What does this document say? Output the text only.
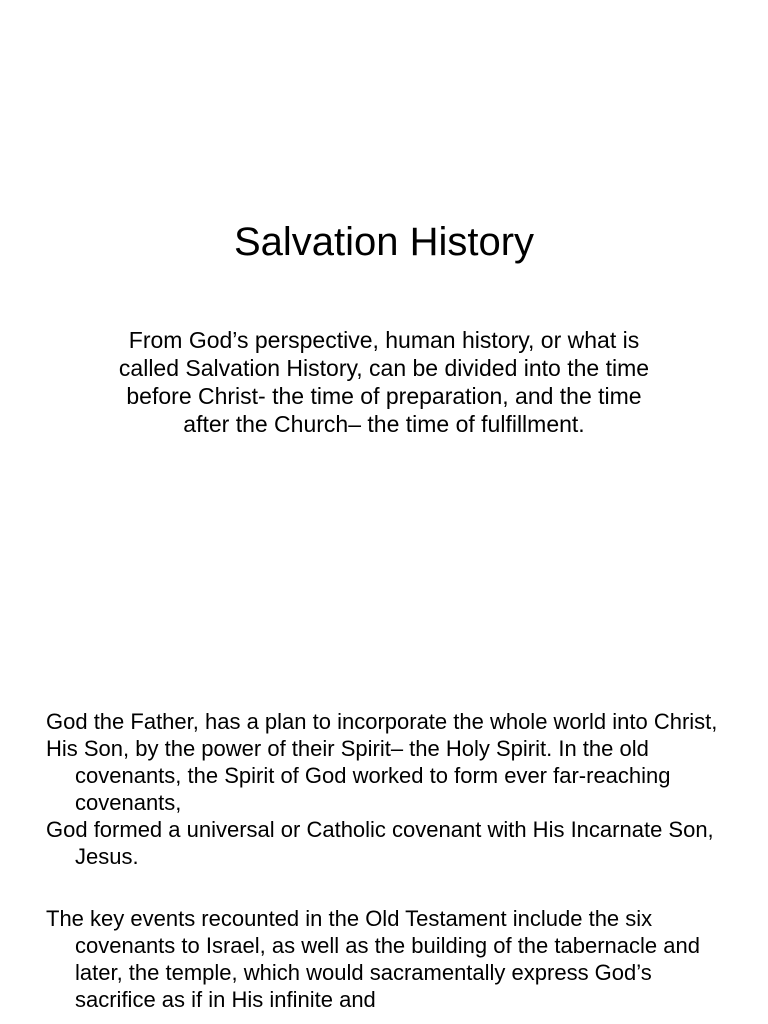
Salvation History
From God’s perspective, human history, or what is called Salvation History, can be divided into the time before Christ- the time of preparation, and the time after the Church– the time of fulfillment.
God the Father, has a plan to incorporate the whole world into Christ,
His Son, by the power of their Spirit– the Holy Spirit. In the old covenants, the Spirit of God worked to form ever far-reaching covenants,
God formed a universal or Catholic covenant with His Incarnate Son, Jesus.
The key events recounted in the Old Testament include the six covenants to Israel, as well as the building of the tabernacle and later, the temple, which would sacramentally express God’s sacrifice as if in His infinite and
